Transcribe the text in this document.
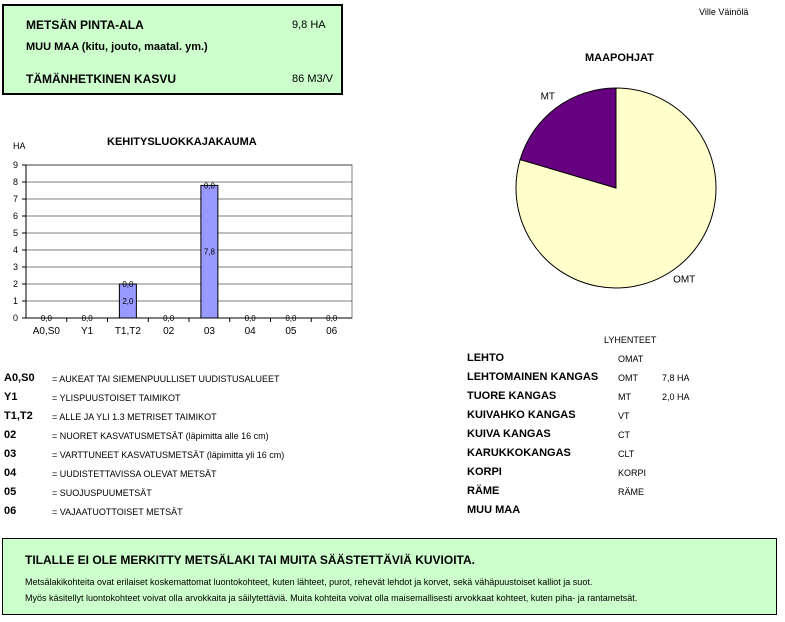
METSÄN PINTA-ALA	9,8 HA
MUU MAA (kitu, jouto, maatal. ym.)
TÄMÄNHETKINEN KASVU	86 M3/V
Ville Väinölä
KEHITYSLUOKKAJAKAUMA
HA
0
1
2
3
4
5
6
7
8
9
0,0
A0,S0
0,0
Y1
0,0
2,0
T1,T2
0,0
02
0,0
7,8
03
0,0
04
0,0
05
0,0
06
MAAPOHJAT
OMT
MT
A0,S0 = AUKEAT TAI SIEMENPUULLISET UUDISTUSALUEET
Y1	= YLISPUUSTOISET TAIMIKOT
T1,T2 = ALLE JA YLI 1.3 METRISET TAIMIKOT
02	= NUORET KASVATUSMETSÄT (läpimitta alle 16 cm)
03	= VARTTUNEET KASVATUSMETSÄT (läpimitta yli 16 cm)
04	= UUDISTETTAVISSA OLEVAT METSÄT
05	= SUOJUSPUUMETSÄT
06	= VAJAATUOTTOISET METSÄT
LYHENTEET
LEHTO	OMAT
LEHTOMAINEN KANGAS OMT	7,8 HA
TUORE KANGAS	MT	2,0 HA
KUIVAHKO KANGAS	VT
KUIVA KANGAS	CT
KARUKKOKANGAS	CLT
KORPI	KORPI
RÄME	RÄME
MUU MAA
TILALLE EI OLE MERKITTY METSÄLAKI TAI MUITA SÄÄSTETTÄVIÄ KUVIOITA.
Metsälakikohteita ovat erilaiset koskemattomat luontokohteet, kuten lähteet, purot, rehevät lehdot ja korvet, sekä vähäpuustoiset kalliot ja suot.
Myös käsitellyt luontokohteet voivat olla arvokkaita ja säilytettäviä. Muita kohteita voivat olla maisemallisesti arvokkaat kohteet, kuten piha- ja rantametsät.
